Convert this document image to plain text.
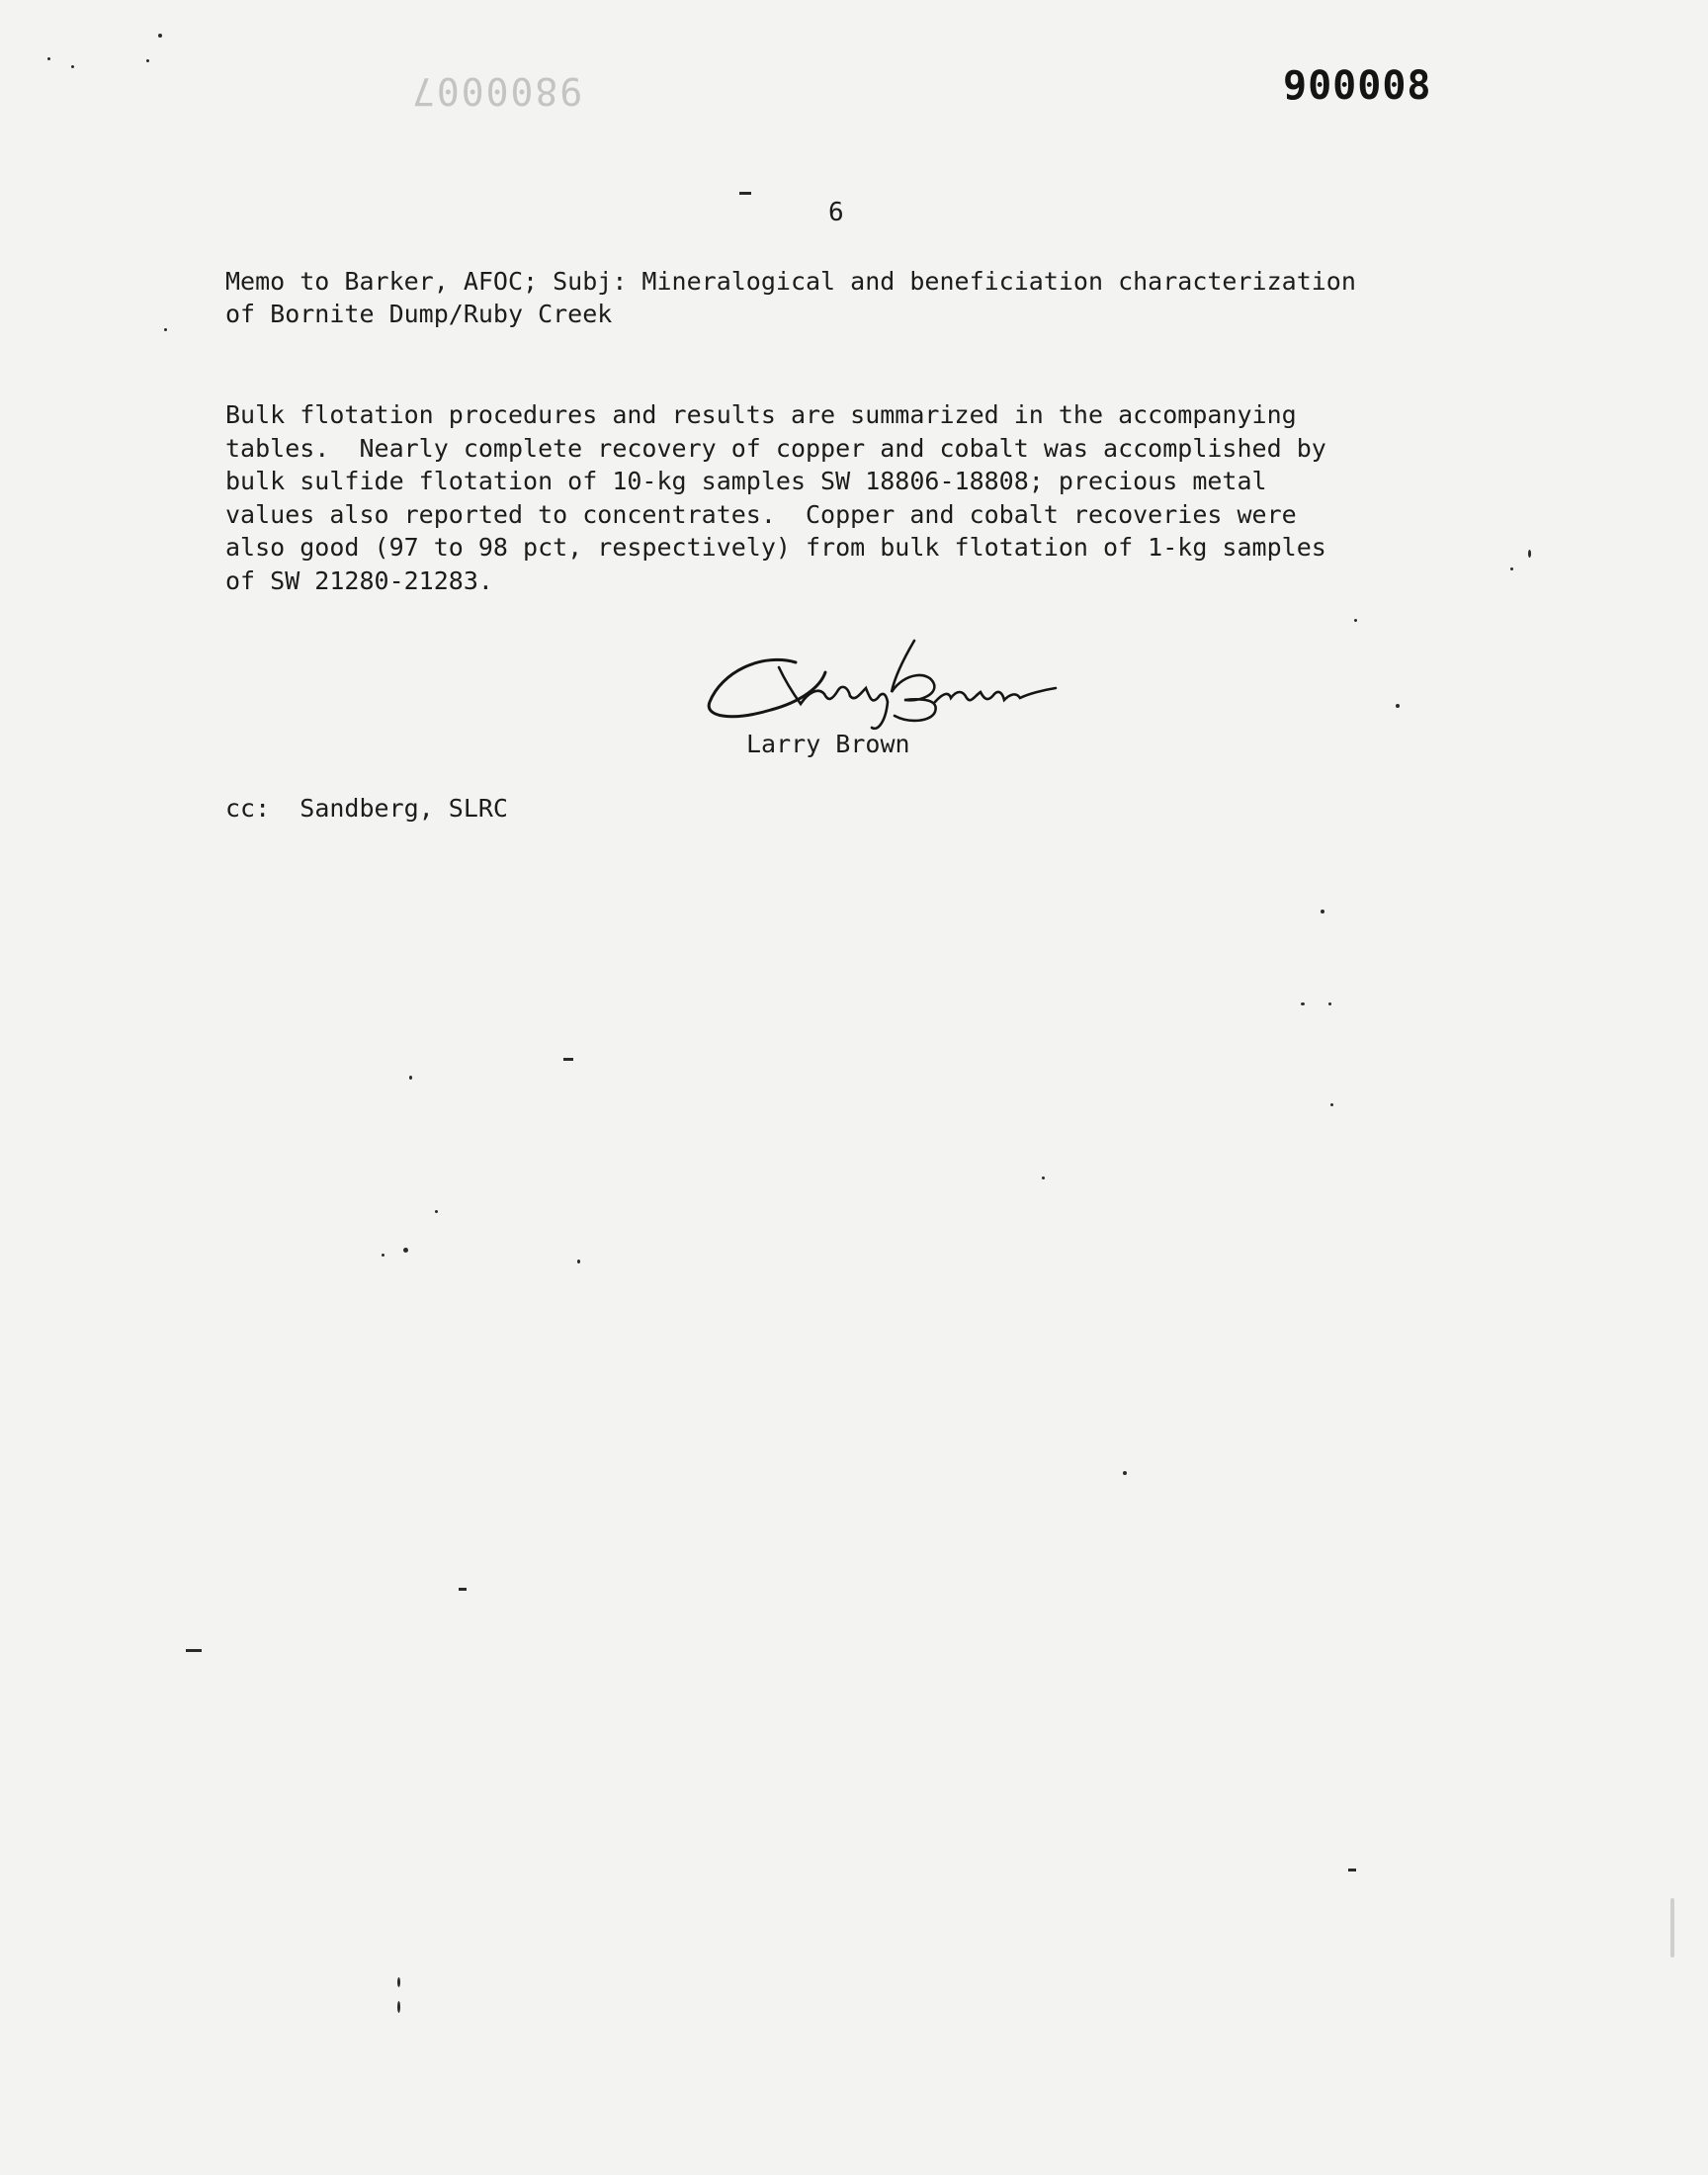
9800007	900008
6
Memo to Barker, AFOC; Subj: Mineralogical and beneficiation characterization
of Bornite Dump/Ruby Creek
Bulk flotation procedures and results are summarized in the accompanying
tables.  Nearly complete recovery of copper and cobalt was accomplished by
bulk sulfide flotation of 10-kg samples SW 18806-18808; precious metal
values also reported to concentrates.  Copper and cobalt recoveries were
also good (97 to 98 pct, respectively) from bulk flotation of 1-kg samples
of SW 21280-21283.
Larry Brown
cc: Sandberg, SLRC
